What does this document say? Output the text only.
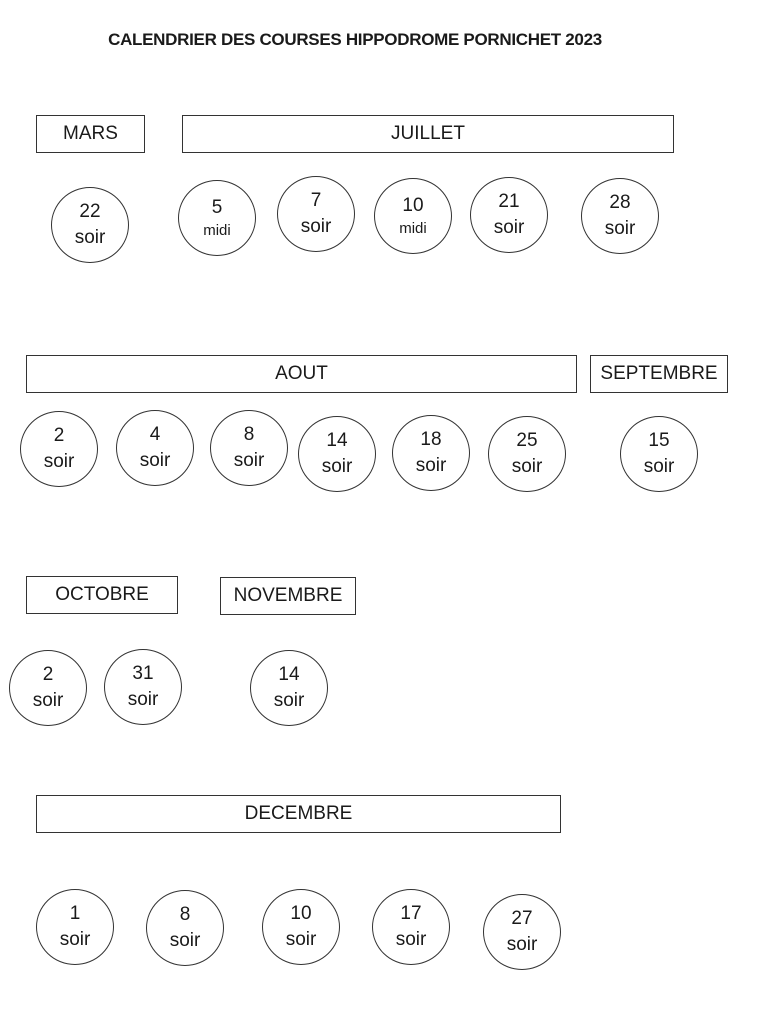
CALENDRIER DES COURSES HIPPODROME PORNICHET 2023
MARS	JUILLET
AOUT	SEPTEMBRE
OCTOBRE	NOVEMBRE
DECEMBRE
22
soir
5
midi
7
soir
10
midi
21
soir
28
soir
2
soir
4
soir
8
soir
14
soir
18
soir
25
soir
15
soir
2
soir
31
soir
14
soir
1
soir
8
soir
10
soir
17
soir
27
soir
